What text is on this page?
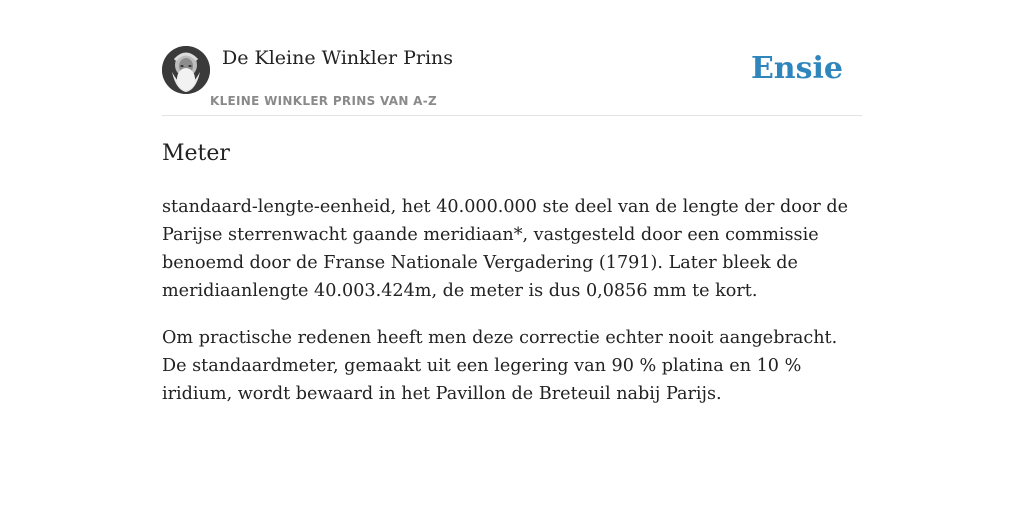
De Kleine Winkler Prins
KLEINE WINKLER PRINS VAN A-Z
Ensie
Meter

standaard-lengte-eenheid, het 40.000.000 ste deel van de lengte der door de Parijse sterrenwacht gaande meridiaan*, vastgesteld door een commissie benoemd door de Franse Nationale Vergadering (1791). Later bleek de meridiaanlengte 40.003.424m, de meter is dus 0,0856 mm te kort.

Om practische redenen heeft men deze correctie echter nooit aangebracht. De standaardmeter, gemaakt uit een legering van 90 % platina en 10 % iridium, wordt bewaard in het Pavillon de Breteuil nabij Parijs.
